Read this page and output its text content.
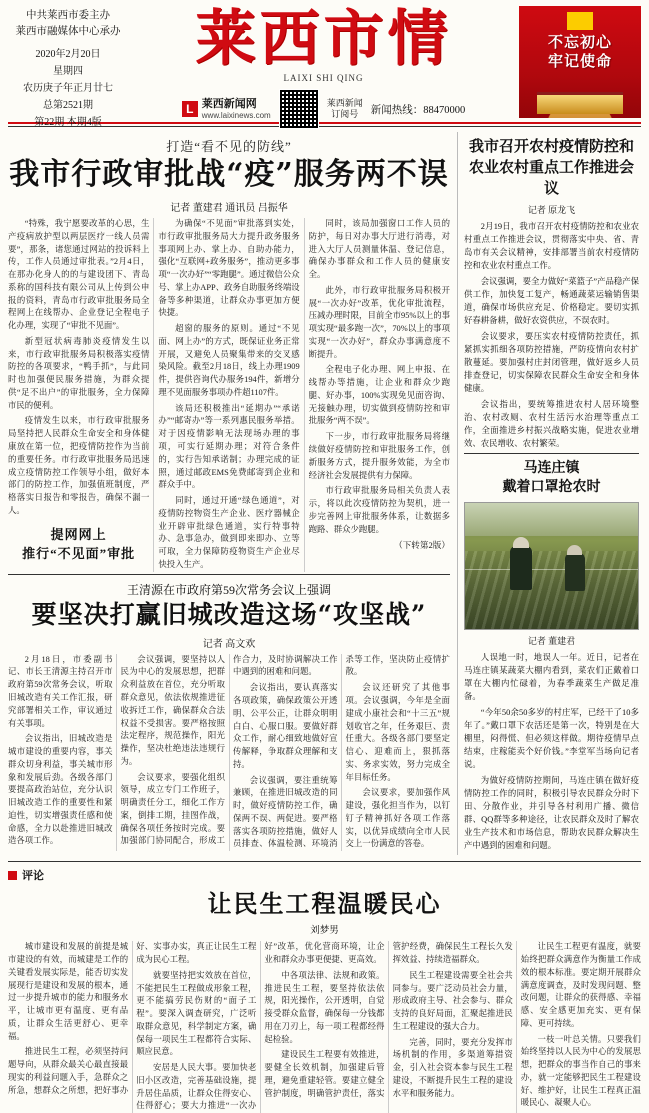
中共莱西市委主办
莱西市融媒体中心承办
2020年2月20日
星期四
农历庚子年正月廿七
总第2521期
第22期 本期4版
莱西市情
LAIXI SHI QING
L 莱西新闻网
www.laixinews.com
莱西新闻
订阅号	新闻热线：88470000
不忘初心
牢记使命
打造“看不见的防线”
我市行政审批战“疫”服务两不误
记者 董建君 通讯员 吕振华

“特殊，我宁愿要改革的心思，生产疫病放护型以两层医疗一线人员需要”，那条，诸您通过网站的投诉料上传，工作人员通过审批表。”2月4日，在那办化身人的的与建设团下、青岛系称的国科技有限公司从上传到公申报的资料，青岛市行政审批服务局全程网上在线帮办、企业登记全程电子化办理，实现了“审批不见面”。

新型冠状病毒肺炎疫情发生以来，市行政审批服务局积极落实疫情防控的各项要求，“鸭手抓”，与此同时也加强便民服务措施，为群众提供“足不出户”的审批服务，全力保障市民的便利。

疫情发生以来，市行政审批服务局坚持把人民群众生命安全和身体健康放在第一位，把疫情防控作为当前的重要任务。市行政审批服务局迅速成立疫情防控工作领导小组，做好本部门的防控工作，加强值班制度，严格落实日报告和零报告，确保不漏一人。

提网网上
推行“不见面”审批

为确保“不见面”审批落到实处，市行政审批服务局大力提升政务服务事项网上办、掌上办、自助办能力，强化“互联网+政务服务”，推动更多事项“一次办好”“零跑腿”。通过微信公众号、掌上办APP、政务自助服务终端设备等多种渠道，让群众办事更加方便快捷。

超窗的服务的原则。通过“不见面、网上办”的方式，既保证业务正常开展，又避免人员聚集带来的交叉感染风险。截至2月18日，线上办理1909件，提供咨询代办服务194件，新增分理不见面服务事项办件超1107件。

该局还积极推出“延期办”“承诺办”“邮寄办”等一系列惠民服务举措。对于因疫情影响无法现场办理的事项，可实行延期办理；对符合条件的，实行告知承诺制；办理完成的证照，通过邮政EMS免费邮寄到企业和群众手中。

同时，通过开通“绿色通道”，对疫情防控物资生产企业、医疗器械企业开辟审批绿色通道，实行特事特办、急事急办，做到即来即办、立等可取，全力保障防疫物资生产企业尽快投入生产。

同时，该局加强窗口工作人员的防护，每日对办事大厅进行消毒，对进入大厅人员测量体温、登记信息，确保办事群众和工作人员的健康安全。

此外，市行政审批服务局积极开展“一次办好”改革，优化审批流程，压减办理时限，目前全市95%以上的事项实现“最多跑一次”，70%以上的事项实现“一次办好”，群众办事满意度不断提升。

全程电子化办理、网上申报、在线帮办等措施，让企业和群众少跑腿、好办事，100%实现免见面咨询、无接触办理，切实做到疫情防控和审批服务“两不误”。

下一步，市行政审批服务局将继续做好疫情防控和审批服务工作，创新服务方式，提升服务效能，为全市经济社会发展提供有力保障。

市行政审批服务局相关负责人表示，将以此次疫情防控为契机，进一步完善网上审批服务体系，让数据多跑路、群众少跑腿。

（下转第2版）
王清源在市政府第59次常务会议上强调
要坚决打赢旧城改造这场“攻坚战”
记者 高文欢

2月18日，市委副书记、市长王清源主持召开市政府第59次常务会议，听取旧城改造有关工作汇报，研究部署相关工作，审议通过有关事项。

会议指出，旧城改造是城市建设的重要内容，事关群众切身利益，事关城市形象和发展后劲。各级各部门要提高政治站位，充分认识旧城改造工作的重要性和紧迫性，切实增强责任感和使命感，全力以赴推进旧城改造各项工作。

会议强调，要坚持以人民为中心的发展思想，把群众利益放在首位，充分听取群众意见，依法依规推进征收拆迁工作，确保群众合法权益不受损害。要严格按照法定程序，规范操作，阳光操作，坚决杜绝违法违规行为。

会议要求，要强化组织领导，成立专门工作班子，明确责任分工，细化工作方案，倒排工期，挂图作战，确保各项任务按时完成。要加强部门协同配合，形成工作合力，及时协调解决工作中遇到的困难和问题。

会议指出，要认真落实各项政策，确保政策公开透明、公平公正，让群众明明白白、心服口服。要做好群众工作，耐心细致地做好宣传解释，争取群众理解和支持。

会议强调，要注重统筹兼顾，在推进旧城改造的同时，做好疫情防控工作，确保两不误、两促进。要严格落实各项防控措施，做好人员排查、体温检测、环境消杀等工作，坚决防止疫情扩散。

会议还研究了其他事项。会议强调，今年是全面建成小康社会和“十三五”规划收官之年，任务艰巨、责任重大。各级各部门要坚定信心、迎难而上，狠抓落实、务求实效，努力完成全年目标任务。

会议要求，要加强作风建设，强化担当作为，以钉钉子精神抓好各项工作落实，以优异成绩向全市人民交上一份满意的答卷。

我市召开农村疫情防控和农业农村重点工作推进会议
记者 原龙飞

2月19日，我市召开农村疫情防控和农业农村重点工作推进会议，贯彻落实中央、省、青岛市有关会议精神，安排部署当前农村疫情防控和农业农村重点工作。

会议强调，要全力做好“菜篮子”产品稳产保供工作，加快复工复产，畅通蔬菜运输销售渠道，确保市场供应充足、价格稳定。要切实抓好春耕备耕，做好农资供应，不误农时。

会议要求，要压实农村疫情防控责任，抓紧抓实抓细各项防控措施，严防疫情向农村扩散蔓延。要加强村庄封闭管理，做好返乡人员排查登记，切实保障农民群众生命安全和身体健康。

会议指出，要统筹推进农村人居环境整治、农村改厕、农村生活污水治理等重点工作，全面推进乡村振兴战略实施，促进农业增效、农民增收、农村繁荣。

马连庄镇
戴着口罩抢农时
记者 董建君

人误地一时，地误人一年。近日，记者在马连庄镇某蔬菜大棚内看到，菜农们正戴着口罩在大棚内忙碌着，为春季蔬菜生产做足准备。

“今年50余50多岁的村庄军，已经干了10多年了。”戴口罩下农活还是第一次，特别是在大棚里，闷得慌、但必须这样做。期待疫情早点结束，庄稼能卖个好价钱。”李堂军当场向记者说。

为做好疫情防控期间，马连庄镇在做好疫情防控工作的同时，积极引导农民群众分时下田、分散作业，并引导各村利用广播、微信群、QQ群等多种途径，让农民群众及时了解农业生产技术和市场信息，帮助农民群众解决生产中遇到的困难和问题。

评论
让民生工程温暖民心
刘梦男

城市建设和发展的前提是城市建设的有效，而城建是工作的关键看发展实际是，能否切实发展现行是建设和发展的根本，通过一步提升城市的能力和服务水平，让城市更有温度、更有品质，让群众生活更舒心、更幸福。

推进民生工程，必须坚持问题导向，从群众最关心最直接最现实的利益问题入手，急群众之所急，想群众之所想，把好事办好、实事办实，真正让民生工程成为民心工程。

就要坚持把实效放在首位，不能把民生工程做成形象工程，更不能搞劳民伤财的“面子工程”。要深入调查研究，广泛听取群众意见，科学制定方案，确保每一项民生工程都符合实际、顺应民意。

安居是人民大事。要加快老旧小区改造，完善基础设施，提升居住品质，让群众住得安心、住得舒心；要大力推进“一次办好”改革，优化营商环境，让企业和群众办事更便捷、更高效。

中各项法律、法规和政策。推进民生工程，要坚持依法依规，阳光操作，公开透明，自觉接受群众监督，确保每一分钱都用在刀刃上，每一项工程都经得起检验。

建设民生工程要有效推进，要健全长效机制，加强建后管理，避免重建轻管。要建立健全管护制度，明确管护责任，落实管护经费，确保民生工程长久发挥效益、持续造福群众。

民生工程建设需要全社会共同参与。要广泛动员社会力量，形成政府主导、社会参与、群众支持的良好局面，汇聚起推进民生工程建设的强大合力。

完善，同时，要充分发挥市场机制的作用，多渠道筹措资金，引入社会资本参与民生工程建设，不断提升民生工程的建设水平和服务能力。

让民生工程更有温度，就要始终把群众满意作为衡量工作成效的根本标准。要定期开展群众满意度调查，及时发现问题、整改问题，让群众的获得感、幸福感、安全感更加充实、更有保障、更可持续。

一枝一叶总关情。只要我们始终坚持以人民为中心的发展思想，把群众的事当作自己的事来办，就一定能够把民生工程建设好、维护好，让民生工程真正温暖民心、凝聚人心。
